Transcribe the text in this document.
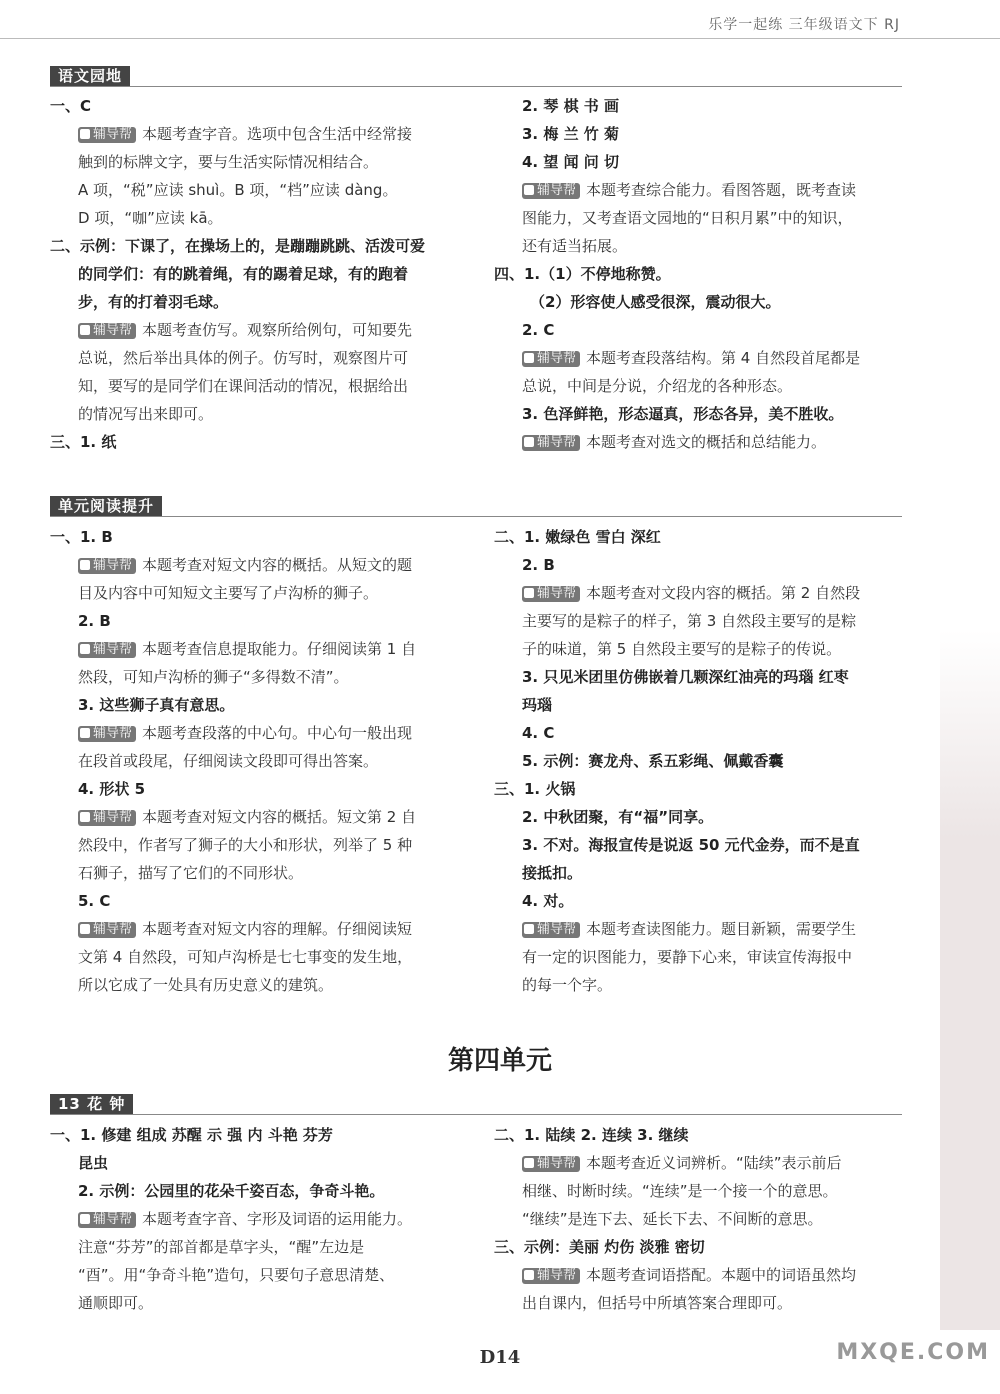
乐学一起练 三年级语文下 RJ
语文园地
一、C
辅导帮 本题考查字音。选项中包含生活中经常接
触到的标牌文字，要与生活实际情况相结合。
A 项，“税”应读 shuì。B 项，“档”应读 dàng。
D 项，“咖”应读 kā。
二、示例：下课了，在操场上的，是蹦蹦跳跳、活泼可爱
的同学们：有的跳着绳，有的踢着足球，有的跑着
步，有的打着羽毛球。
辅导帮 本题考查仿写。观察所给例句，可知要先
总说，然后举出具体的例子。仿写时，观察图片可
知，要写的是同学们在课间活动的情况，根据给出
的情况写出来即可。
三、1. 纸
2. 琴 棋 书 画
3. 梅 兰 竹 菊
4. 望 闻 问 切
辅导帮 本题考查综合能力。看图答题，既考查读
图能力，又考查语文园地的“日积月累”中的知识，
还有适当拓展。
四、1.（1）不停地称赞。
（2）形容使人感受很深，震动很大。
2. C
辅导帮 本题考查段落结构。第 4 自然段首尾都是
总说，中间是分说，介绍龙的各种形态。
3. 色泽鲜艳，形态逼真，形态各异，美不胜收。
辅导帮 本题考查对选文的概括和总结能力。
单元阅读提升
一、1. B
辅导帮 本题考查对短文内容的概括。从短文的题
目及内容中可知短文主要写了卢沟桥的狮子。
2. B
辅导帮 本题考查信息提取能力。仔细阅读第 1 自
然段，可知卢沟桥的狮子“多得数不清”。
3. 这些狮子真有意思。
辅导帮 本题考查段落的中心句。中心句一般出现
在段首或段尾，仔细阅读文段即可得出答案。
4. 形状 5
辅导帮 本题考查对短文内容的概括。短文第 2 自
然段中，作者写了狮子的大小和形状，列举了 5 种
石狮子，描写了它们的不同形状。
5. C
辅导帮 本题考查对短文内容的理解。仔细阅读短
文第 4 自然段，可知卢沟桥是七七事变的发生地，
所以它成了一处具有历史意义的建筑。
二、1. 嫩绿色 雪白 深红
2. B
辅导帮 本题考查对文段内容的概括。第 2 自然段
主要写的是粽子的样子，第 3 自然段主要写的是粽
子的味道，第 5 自然段主要写的是粽子的传说。
3. 只见米团里仿佛嵌着几颗深红油亮的玛瑙 红枣
玛瑙
4. C
5. 示例：赛龙舟、系五彩绳、佩戴香囊
三、1. 火锅
2. 中秋团聚，有“福”同享。
3. 不对。海报宣传是说返 50 元代金券，而不是直
接抵扣。
4. 对。
辅导帮 本题考查读图能力。题目新颖，需要学生
有一定的识图能力，要静下心来，审读宣传海报中
的每一个字。
第四单元
13 花 钟
一、1. 修建 组成 苏醒 示 强 内 斗艳 芬芳
昆虫
2. 示例：公园里的花朵千姿百态，争奇斗艳。
辅导帮 本题考查字音、字形及词语的运用能力。
注意“芬芳”的部首都是草字头，“醒”左边是
“酉”。用“争奇斗艳”造句，只要句子意思清楚、
通顺即可。
二、1. 陆续 2. 连续 3. 继续
辅导帮 本题考查近义词辨析。“陆续”表示前后
相继、时断时续。“连续”是一个接一个的意思。
“继续”是连下去、延长下去、不间断的意思。
三、示例：美丽 灼伤 淡雅 密切
辅导帮 本题考查词语搭配。本题中的词语虽然均
出自课内，但括号中所填答案合理即可。
D14	MXQE.COM
